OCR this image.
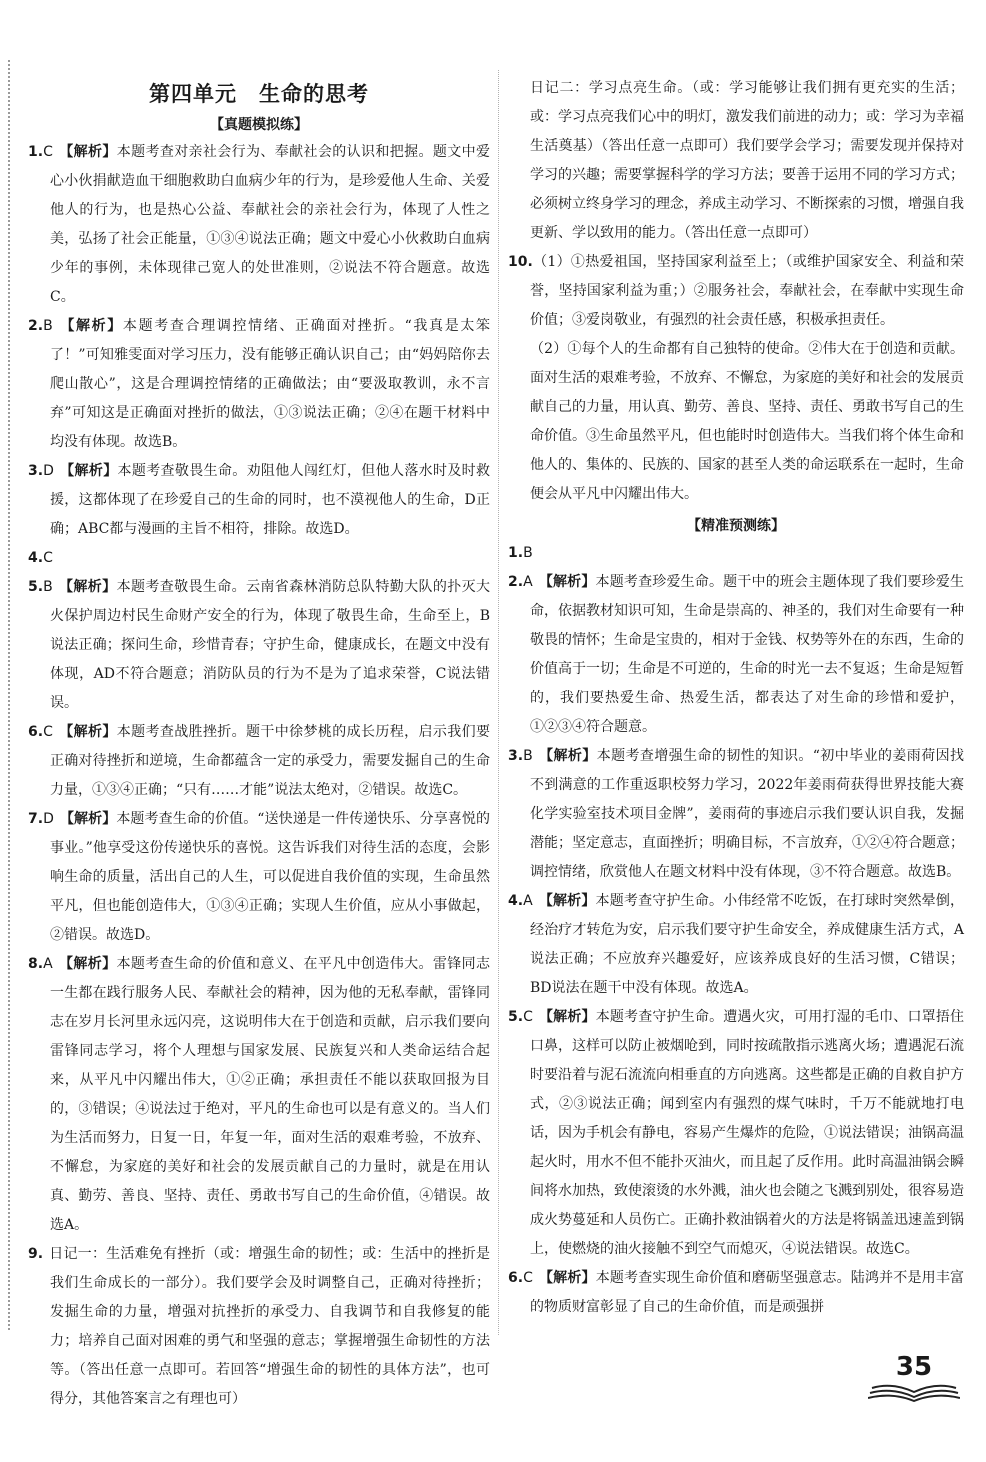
第四单元　生命的思考
【真题模拟练】

1.C 【解析】本题考查对亲社会行为、奉献社会的认识和把握。题文中爱心小伙捐献造血干细胞救助白血病少年的行为，是珍爱他人生命、关爱他人的行为，也是热心公益、奉献社会的亲社会行为，体现了人性之美，弘扬了社会正能量，①③④说法正确；题文中爱心小伙救助白血病少年的事例，未体现律己宽人的处世准则，②说法不符合题意。故选C。

2.B 【解析】本题考查合理调控情绪、正确面对挫折。“我真是太笨了！”可知雅雯面对学习压力，没有能够正确认识自己；由“妈妈陪你去爬山散心”，这是合理调控情绪的正确做法；由“要汲取教训，永不言弃”可知这是正确面对挫折的做法，①③说法正确；②④在题干材料中均没有体现。故选B。

3.D 【解析】本题考查敬畏生命。劝阻他人闯红灯，但他人落水时及时救援，这都体现了在珍爱自己的生命的同时，也不漠视他人的生命，D正确；ABC都与漫画的主旨不相符，排除。故选D。

4.C

5.B 【解析】本题考查敬畏生命。云南省森林消防总队特勤大队的扑灭大火保护周边村民生命财产安全的行为，体现了敬畏生命，生命至上，B说法正确；探问生命，珍惜青春；守护生命，健康成长，在题文中没有体现，AD不符合题意；消防队员的行为不是为了追求荣誉，C说法错误。

6.C 【解析】本题考查战胜挫折。题干中徐梦桃的成长历程，启示我们要正确对待挫折和逆境，生命都蕴含一定的承受力，需要发掘自己的生命力量，①③④正确；“只有……才能”说法太绝对，②错误。故选C。

7.D 【解析】本题考查生命的价值。“送快递是一件传递快乐、分享喜悦的事业。”他享受这份传递快乐的喜悦。这告诉我们对待生活的态度，会影响生命的质量，活出自己的人生，可以促进自我价值的实现，生命虽然平凡，但也能创造伟大，①③④正确；实现人生价值，应从小事做起，②错误。故选D。

8.A 【解析】本题考查生命的价值和意义、在平凡中创造伟大。雷锋同志一生都在践行服务人民、奉献社会的精神，因为他的无私奉献，雷锋同志在岁月长河里永远闪亮，这说明伟大在于创造和贡献，启示我们要向雷锋同志学习，将个人理想与国家发展、民族复兴和人类命运结合起来，从平凡中闪耀出伟大，①②正确；承担责任不能以获取回报为目的，③错误；④说法过于绝对，平凡的生命也可以是有意义的。当人们为生活而努力，日复一日，年复一年，面对生活的艰难考验，不放弃、不懈怠，为家庭的美好和社会的发展贡献自己的力量时，就是在用认真、勤劳、善良、坚持、责任、勇敢书写自己的生命价值，④错误。故选A。

9. 日记一：生活难免有挫折（或：增强生命的韧性；或：生活中的挫折是我们生命成长的一部分）。我们要学会及时调整自己，正确对待挫折；发掘生命的力量，增强对抗挫折的承受力、自我调节和自我修复的能力；培养自己面对困难的勇气和坚强的意志；掌握增强生命韧性的方法等。（答出任意一点即可。若回答“增强生命的韧性的具体方法”，也可得分，其他答案言之有理也可）

日记二：学习点亮生命。（或：学习能够让我们拥有更充实的生活；或：学习点亮我们心中的明灯，激发我们前进的动力；或：学习为幸福生活奠基）（答出任意一点即可）我们要学会学习；需要发现并保持对学习的兴趣；需要掌握科学的学习方法；要善于运用不同的学习方式；必须树立终身学习的理念，养成主动学习、不断探索的习惯，增强自我更新、学以致用的能力。（答出任意一点即可）

10.（1）①热爱祖国，坚持国家利益至上；（或维护国家安全、利益和荣誉，坚持国家利益为重；）②服务社会，奉献社会，在奉献中实现生命价值；③爱岗敬业，有强烈的社会责任感，积极承担责任。

（2）①每个人的生命都有自己独特的使命。②伟大在于创造和贡献。面对生活的艰难考验，不放弃、不懈怠，为家庭的美好和社会的发展贡献自己的力量，用认真、勤劳、善良、坚持、责任、勇敢书写自己的生命价值。③生命虽然平凡，但也能时时创造伟大。当我们将个体生命和他人的、集体的、民族的、国家的甚至人类的命运联系在一起时，生命便会从平凡中闪耀出伟大。

【精准预测练】

1.B

2.A 【解析】本题考查珍爱生命。题干中的班会主题体现了我们要珍爱生命，依据教材知识可知，生命是崇高的、神圣的，我们对生命要有一种敬畏的情怀；生命是宝贵的，相对于金钱、权势等外在的东西，生命的价值高于一切；生命是不可逆的，生命的时光一去不复返；生命是短暂的，我们要热爱生命、热爱生活，都表达了对生命的珍惜和爱护，①②③④符合题意。

3.B 【解析】本题考查增强生命的韧性的知识。“初中毕业的姜雨荷因找不到满意的工作重返职校努力学习，2022年姜雨荷获得世界技能大赛化学实验室技术项目金牌”，姜雨荷的事迹启示我们要认识自我，发掘潜能；坚定意志，直面挫折；明确目标，不言放弃，①②④符合题意；调控情绪，欣赏他人在题文材料中没有体现，③不符合题意。故选B。

4.A 【解析】本题考查守护生命。小伟经常不吃饭，在打球时突然晕倒，经治疗才转危为安，启示我们要守护生命安全，养成健康生活方式，A说法正确；不应放弃兴趣爱好，应该养成良好的生活习惯，C错误；BD说法在题干中没有体现。故选A。

5.C 【解析】本题考查守护生命。遭遇火灾，可用打湿的毛巾、口罩捂住口鼻，这样可以防止被烟呛到，同时按疏散指示逃离火场；遭遇泥石流时要沿着与泥石流流向相垂直的方向逃离。这些都是正确的自救自护方式，②③说法正确；闻到室内有强烈的煤气味时，千万不能就地打电话，因为手机会有静电，容易产生爆炸的危险，①说法错误；油锅高温起火时，用水不但不能扑灭油火，而且起了反作用。此时高温油锅会瞬间将水加热，致使滚烫的水外溅，油火也会随之飞溅到别处，很容易造成火势蔓延和人员伤亡。正确扑救油锅着火的方法是将锅盖迅速盖到锅上，使燃烧的油火接触不到空气而熄灭，④说法错误。故选C。

6.C 【解析】本题考查实现生命价值和磨砺坚强意志。陆鸿并不是用丰富的物质财富彰显了自己的生命价值，而是顽强拼

35
